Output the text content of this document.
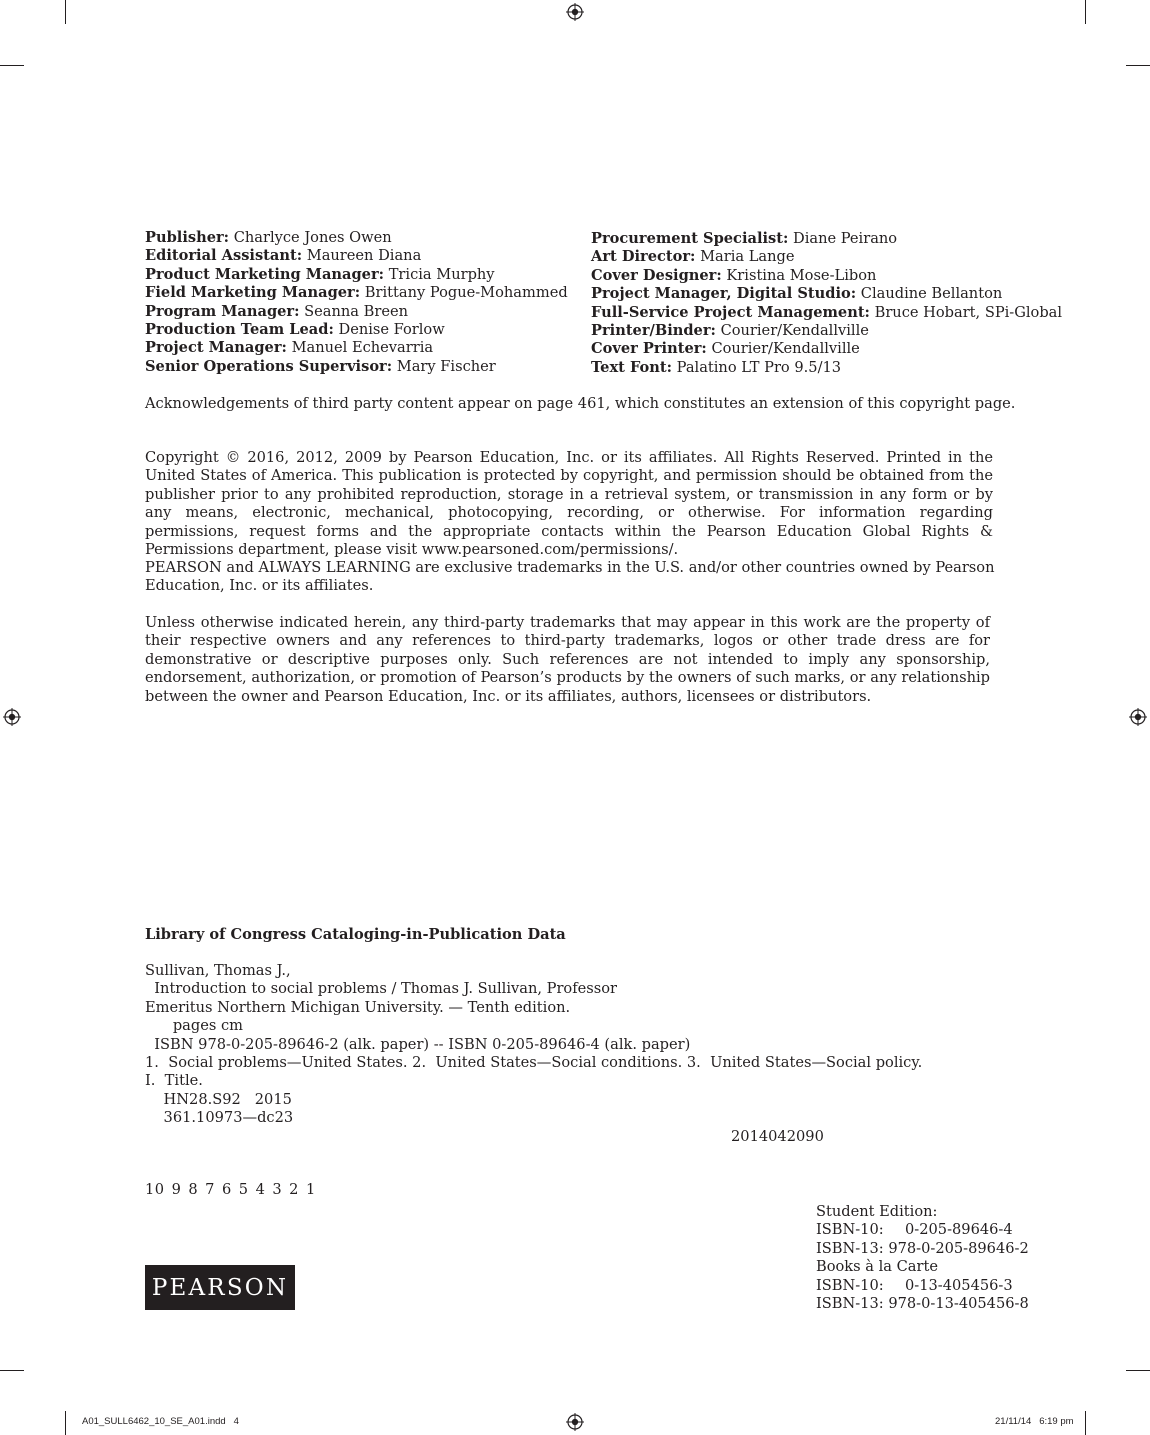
Publisher: Charlyce Jones Owen
Editorial Assistant: Maureen Diana
Product Marketing Manager: Tricia Murphy
Field Marketing Manager: Brittany Pogue-Mohammed
Program Manager: Seanna Breen
Production Team Lead: Denise Forlow
Project Manager: Manuel Echevarria
Senior Operations Supervisor: Mary Fischer
Procurement Specialist: Diane Peirano
Art Director: Maria Lange
Cover Designer: Kristina Mose-Libon
Project Manager, Digital Studio: Claudine Bellanton
Full-Service Project Management: Bruce Hobart, SPi-Global
Printer/Binder: Courier/Kendallville
Cover Printer: Courier/Kendallville
Text Font: Palatino LT Pro 9.5/13
Acknowledgements of third party content appear on page 461, which constitutes an extension of this copyright page.
Copyright © 2016, 2012, 2009 by Pearson Education, Inc. or its affiliates. All Rights Reserved. Printed in the United States of America. This publication is protected by copyright, and permission should be obtained from the publisher prior to any prohibited reproduction, storage in a retrieval system, or transmission in any form or by any means, electronic, mechanical, photocopying, recording, or otherwise. For information regarding permissions, request forms and the appropriate contacts within the Pearson Education Global Rights & Permissions department, please visit www.pearsoned.com/permissions/.
PEARSON and ALWAYS LEARNING are exclusive trademarks in the U.S. and/or other countries owned by Pearson Education, Inc. or its affiliates.
Unless otherwise indicated herein, any third-party trademarks that may appear in this work are the property of their respective owners and any references to third-party trademarks, logos or other trade dress are for demonstrative or descriptive purposes only. Such references are not intended to imply any sponsorship, endorsement, authorization, or promotion of Pearson’s products by the owners of such marks, or any relationship between the owner and Pearson Education, Inc. or its affiliates, authors, licensees or distributors.
Library of Congress Cataloging-in-Publication Data
Sullivan, Thomas J.,
Introduction to social problems / Thomas J. Sullivan, Professor
Emeritus Northern Michigan University. — Tenth edition.
pages cm
ISBN 978-0-205-89646-2 (alk. paper) -- ISBN 0-205-89646-4 (alk. paper)
1.  Social problems—United States. 2.  United States—Social conditions. 3.  United States—Social policy.
I.  Title.
HN28.S92   2015
361.10973—dc23
2014042090
10 9 8 7 6 5 4 3 2 1
Student Edition:
ISBN-10: 0-205-89646-4
ISBN-13: 978-0-205-89646-2
Books à la Carte
ISBN-10: 0-13-405456-3
ISBN-13: 978-0-13-405456-8
PEARSON
A01_SULL6462_10_SE_A01.indd   4	21/11/14   6:19 pm
